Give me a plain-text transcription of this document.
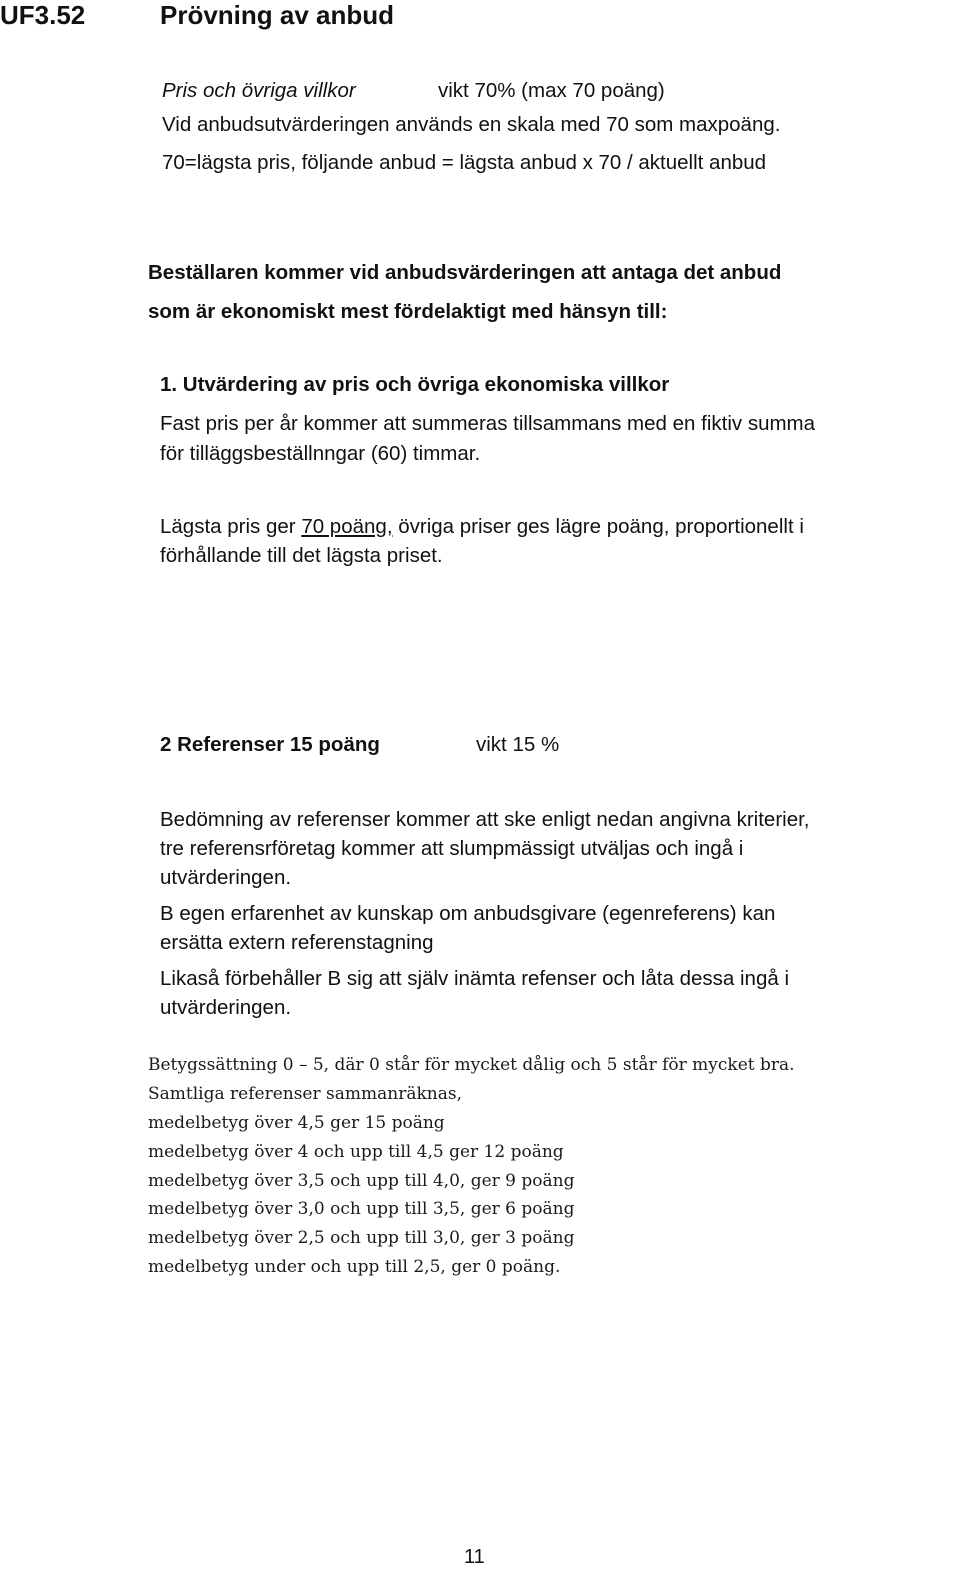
UF3.52	Prövning av anbud
Pris och övriga villkor	vikt 70% (max 70 poäng)
Vid anbudsutvärderingen används en skala med 70 som maxpoäng.
70=lägsta pris, följande anbud = lägsta anbud x 70 / aktuellt anbud
Beställaren kommer vid anbudsvärderingen att antaga det anbud
som är ekonomiskt mest fördelaktigt med hänsyn till:
1. Utvärdering av pris och övriga ekonomiska villkor
Fast pris per år kommer att summeras tillsammans med en fiktiv summa
för tilläggsbeställnngar (60) timmar.
Lägsta pris ger 70 poäng, övriga priser ges lägre poäng, proportionellt i
förhållande till det lägsta priset.
2 Referenser 15 poäng	vikt 15 %
Bedömning av referenser kommer att ske enligt nedan angivna kriterier,
tre referensrföretag kommer att slumpmässigt utväljas och ingå i
utvärderingen.
B egen erfarenhet av kunskap om anbudsgivare (egenreferens) kan
ersätta extern referenstagning
Likaså förbehåller B sig att själv inämta refenser och låta dessa ingå i
utvärderingen.
Betygssättning 0 – 5, där 0 står för mycket dålig och 5 står för mycket bra.
Samtliga referenser sammanräknas,
medelbetyg över 4,5 ger 15 poäng
medelbetyg över 4 och upp till 4,5 ger 12 poäng
medelbetyg över 3,5 och upp till 4,0, ger 9 poäng
medelbetyg över 3,0 och upp till 3,5, ger 6 poäng
medelbetyg över 2,5 och upp till 3,0, ger 3 poäng
medelbetyg under och upp till 2,5, ger 0 poäng.
11
